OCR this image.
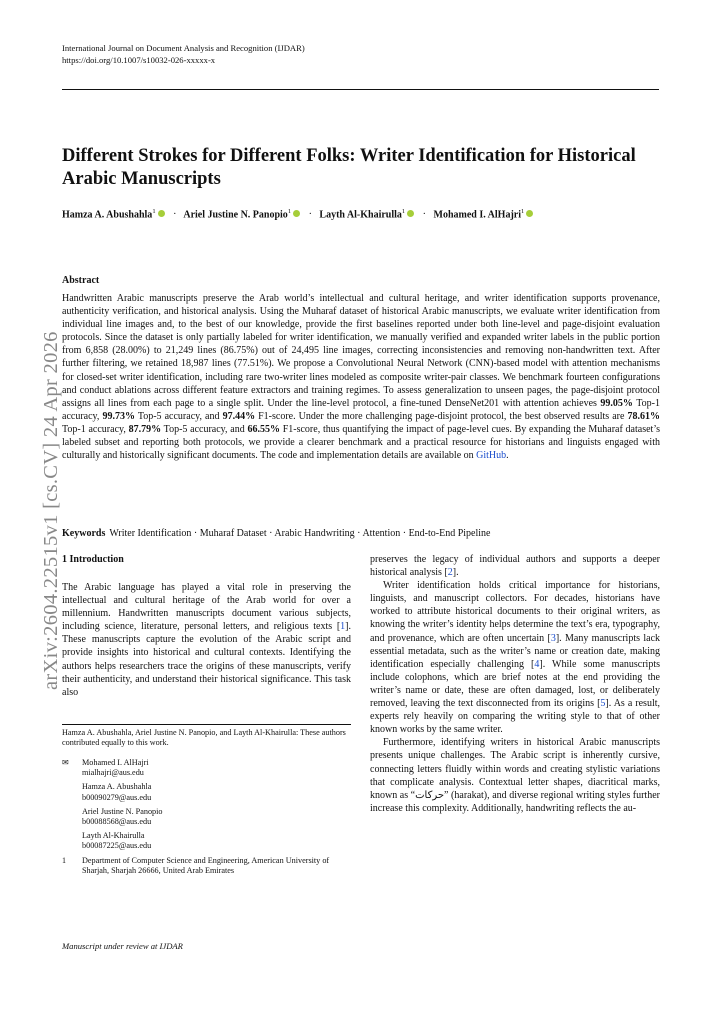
International Journal on Document Analysis and Recognition (IJDAR)
https://doi.org/10.1007/s10032-026-xxxxx-x
Different Strokes for Different Folks: Writer Identification for Historical Arabic Manuscripts
Hamza A. Abushahla$^1$ · Ariel Justine N. Panopio$^1$ · Layth Al-Khairulla$^1$ · Mohamed I. AlHajri$^1$
arXiv:2604.22515v1 [cs.CV] 24 Apr 2026
Abstract
Handwritten Arabic manuscripts preserve the Arab world’s intellectual and cultural heritage, and writer identification supports provenance, authenticity verification, and historical analysis. Using the Muharaf dataset of historical Arabic manuscripts, we evaluate writer identification from individual line images and, to the best of our knowledge, provide the first baselines reported under both line-level and page-disjoint evaluation protocols. Since the dataset is only partially labeled for writer identification, we manually verified and expanded writer labels in the public portion from 6,858 (28.00%) to 21,249 lines (86.75%) out of 24,495 line images, correcting inconsistencies and removing non-handwritten text. After further filtering, we retained 18,987 lines (77.51%). We propose a Convolutional Neural Network (CNN)-based model with attention mechanisms for closed-set writer identification, including rare two-writer lines modeled as composite writer-pair classes. We benchmark fourteen configurations and conduct ablations across different feature extractors and training regimes. To assess generalization to unseen pages, the page-disjoint protocol assigns all lines from each page to a single split. Under the line-level protocol, a fine-tuned DenseNet201 with attention achieves 99.05% Top-1 accuracy, 99.73% Top-5 accuracy, and 97.44% F1-score. Under the more challenging page-disjoint protocol, the best observed results are 78.61% Top-1 accuracy, 87.79% Top-5 accuracy, and 66.55% F1-score, thus quantifying the impact of page-level cues. By expanding the Muharaf dataset’s labeled subset and reporting both protocols, we provide a clearer benchmark and a practical resource for historians and linguists engaged with culturally and historically significant documents. The code and implementation details are available on GitHub.
Keywords Writer Identification · Muharaf Dataset · Arabic Handwriting · Attention · End-to-End Pipeline
1 Introduction

The Arabic language has played a vital role in preserving the intellectual and cultural heritage of the Arab world for over a millennium. Handwritten manuscripts document various subjects, including science, literature, personal letters, and religious texts [1]. These manuscripts capture the evolution of the Arabic script and provide insights into historical and cultural contexts. Identifying the authors helps researchers trace the origins of these manuscripts, verify their authenticity, and understand their historical significance. This task also

preserves the legacy of individual authors and supports a deeper historical analysis [2].

Writer identification holds critical importance for historians, linguists, and manuscript collectors. For decades, historians have worked to attribute historical documents to their original writers, as knowing the writer’s identity helps determine the text’s era, typography, and provenance, which are often uncertain [3]. Many manuscripts lack essential metadata, such as the writer’s name or creation date, making identification especially challenging [4]. While some manuscripts include colophons, which are brief notes at the end providing the writer’s name or date, these are often damaged, lost, or deliberately removed, leaving the text disconnected from its origins [5]. As a result, experts rely heavily on comparing the writing style to that of other known works by the same writer.

Furthermore, identifying writers in historical Arabic manuscripts presents unique challenges. The Arabic script is inherently cursive, connecting letters fluidly within words and creating stylistic variations that complicate analysis. Contextual letter shapes, diacritical marks, known as “حركات” (harakat), and diverse regional writing styles further increase this complexity. Additionally, handwriting reflects the au-

Hamza A. Abushahla, Ariel Justine N. Panopio, and Layth Al-Khairulla: These authors contributed equally to this work.
✉ Mohamed I. AlHajri
mialhajri@aus.edu
Hamza A. Abushahla
b00090279@aus.edu
Ariel Justine N. Panopio
b00088568@aus.edu
Layth Al-Khairulla
b00087225@aus.edu
1 Department of Computer Science and Engineering, American University of Sharjah, Sharjah 26666, United Arab Emirates
Manuscript under review at IJDAR
